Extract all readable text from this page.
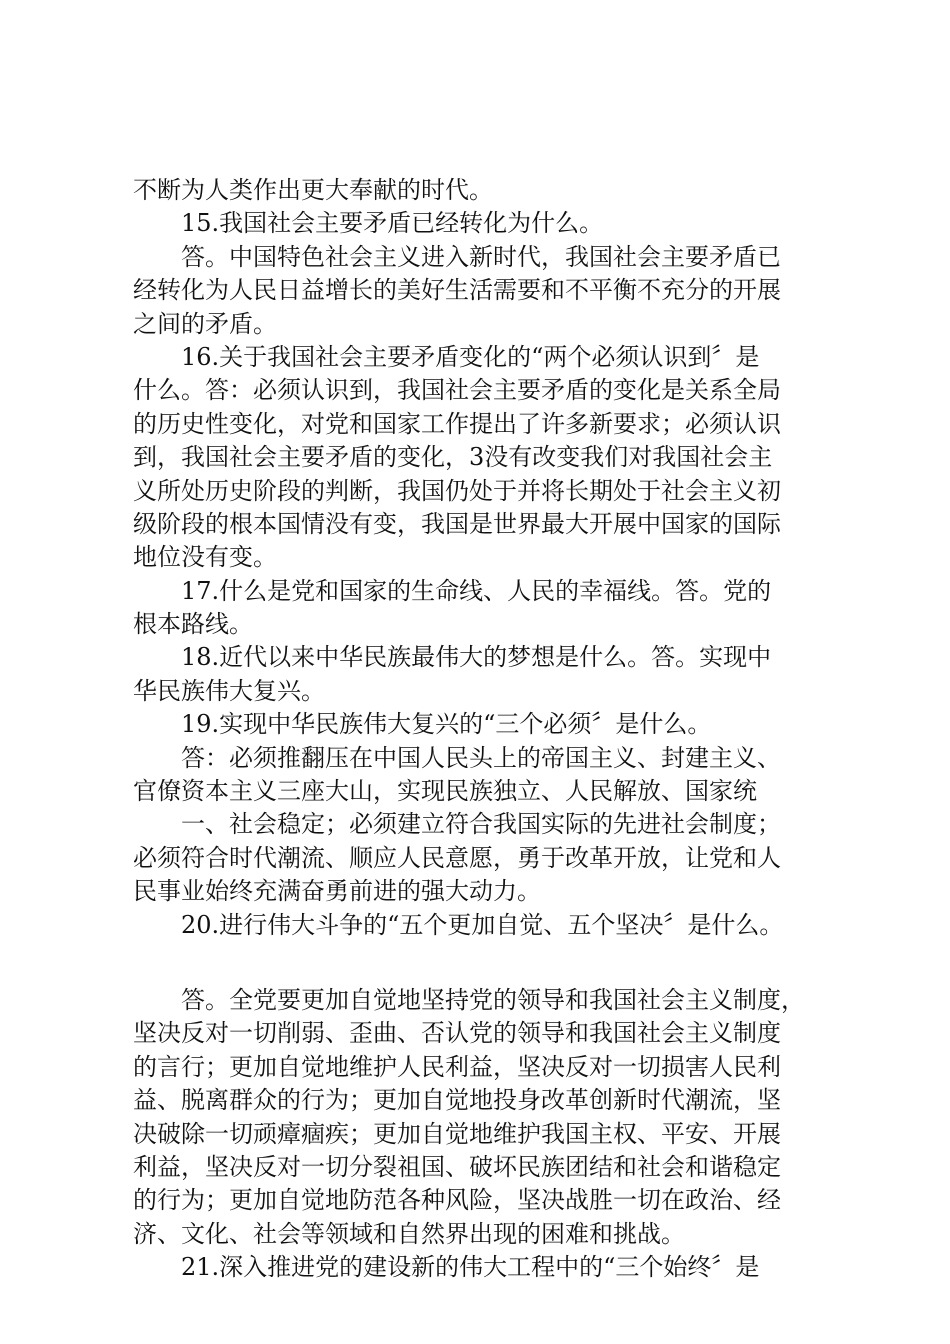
不断为人类作出更大奉献的时代。
15.我国社会主要矛盾已经转化为什么。
答。中国特色社会主义进入新时代，我国社会主要矛盾已
经转化为人民日益增长的美好生活需要和不平衡不充分的开展
之间的矛盾。
16.关于我国社会主要矛盾变化的“两个必须认识到〞是
什么。答：必须认识到，我国社会主要矛盾的变化是关系全局
的历史性变化，对党和国家工作提出了许多新要求；必须认识
到，我国社会主要矛盾的变化，3没有改变我们对我国社会主
义所处历史阶段的判断，我国仍处于并将长期处于社会主义初
级阶段的根本国情没有变，我国是世界最大开展中国家的国际
地位没有变。
17.什么是党和国家的生命线、人民的幸福线。答。党的
根本路线。
18.近代以来中华民族最伟大的梦想是什么。答。实现中
华民族伟大复兴。
19.实现中华民族伟大复兴的“三个必须〞是什么。
答：必须推翻压在中国人民头上的帝国主义、封建主义、
官僚资本主义三座大山，实现民族独立、人民解放、国家统
一、社会稳定；必须建立符合我国实际的先进社会制度；
必须符合时代潮流、顺应人民意愿，勇于改革开放，让党和人
民事业始终充满奋勇前进的强大动力。
20.进行伟大斗争的“五个更加自觉、五个坚决〞是什么。
答。全党要更加自觉地坚持党的领导和我国社会主义制度，
坚决反对一切削弱、歪曲、否认党的领导和我国社会主义制度
的言行；更加自觉地维护人民利益，坚决反对一切损害人民利
益、脱离群众的行为；更加自觉地投身改革创新时代潮流，坚
决破除一切顽瘴痼疾；更加自觉地维护我国主权、平安、开展
利益，坚决反对一切分裂祖国、破坏民族团结和社会和谐稳定
的行为；更加自觉地防范各种风险，坚决战胜一切在政治、经
济、文化、社会等领域和自然界出现的困难和挑战。
21.深入推进党的建设新的伟大工程中的“三个始终〞是
